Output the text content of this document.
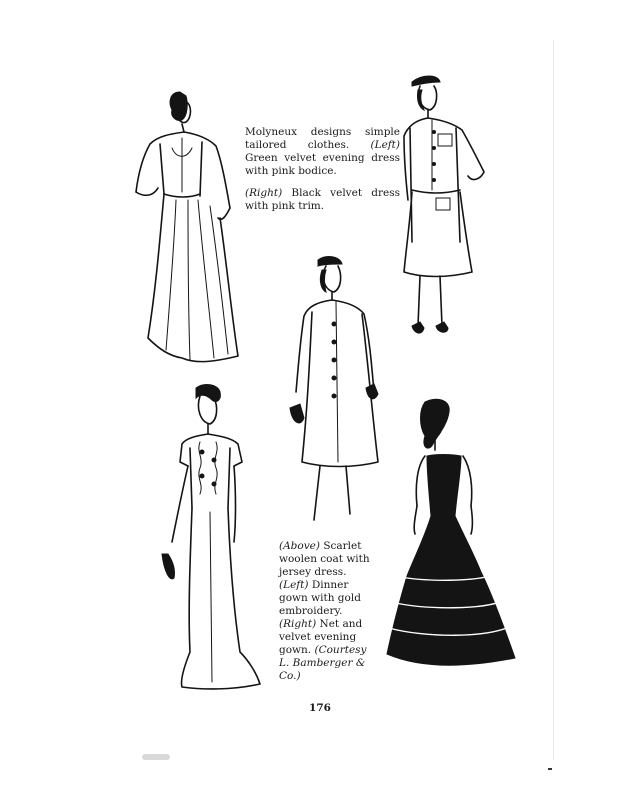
Molyneux designs simple tailored clothes. (Left) Green velvet evening dress with pink bodice.

(Right) Black velvet dress with pink trim.

(Above) Scarlet woolen coat with jersey dress. (Left) Dinner gown with gold embroidery. (Right) Net and velvet evening gown. (Courtesy L. Bamberger & Co.)

176
